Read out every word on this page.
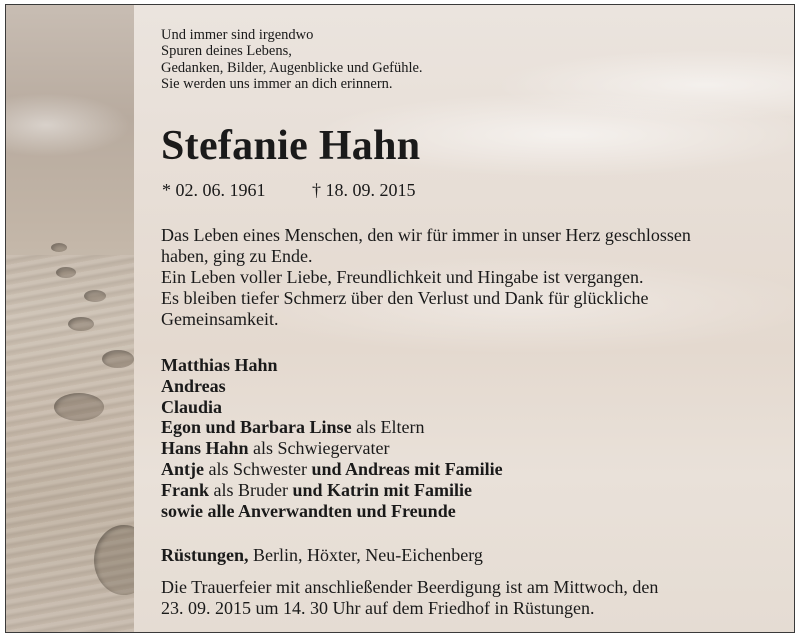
Und immer sind irgendwo
Spuren deines Lebens,
Gedanken, Bilder, Augenblicke und Gefühle.
Sie werden uns immer an dich erinnern.
Stefanie Hahn
* 02. 06. 1961	† 18. 09. 2015
Das Leben eines Menschen, den wir für immer in unser Herz geschlossen
haben, ging zu Ende.
Ein Leben voller Liebe, Freundlichkeit und Hingabe ist vergangen.
Es bleiben tiefer Schmerz über den Verlust und Dank für glückliche
Gemeinsamkeit.
Matthias Hahn
Andreas
Claudia
Egon und Barbara Linse als Eltern
Hans Hahn als Schwiegervater
Antje als Schwester und Andreas mit Familie
Frank als Bruder und Katrin mit Familie
sowie alle Anverwandten und Freunde
Rüstungen, Berlin, Höxter, Neu-Eichenberg
Die Trauerfeier mit anschließender Beerdigung ist am Mittwoch, den
23. 09. 2015 um 14. 30 Uhr auf dem Friedhof in Rüstungen.
